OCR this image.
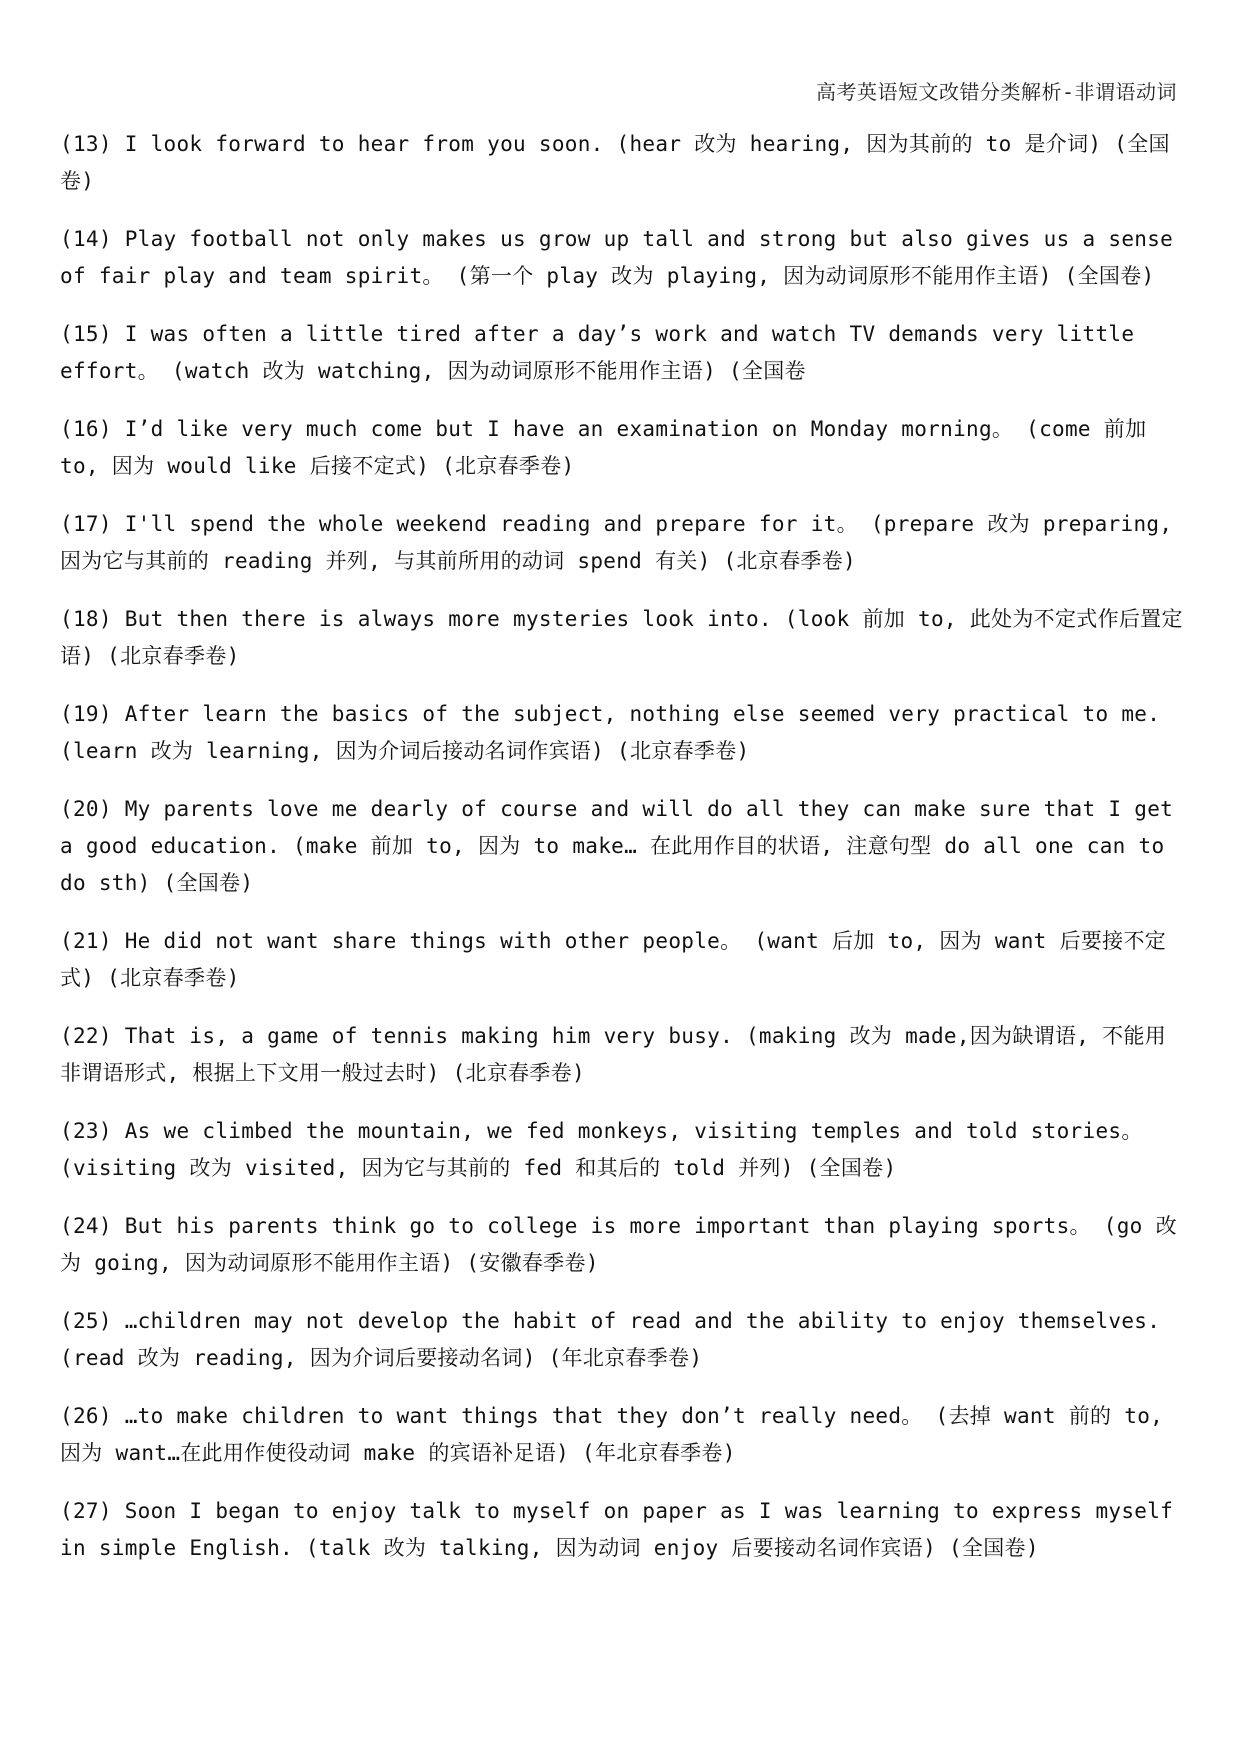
高考英语短文改错分类解析-非谓语动词

(13) I look forward to hear from you soon. (hear 改为 hearing, 因为其前的 to 是介词) (全国卷)

(14) Play football not only makes us grow up tall and strong but also gives us a sense of fair play and team spirit。 (第一个 play 改为 playing, 因为动词原形不能用作主语) (全国卷)

(15) I was often a little tired after a day’s work and watch TV demands very little effort。 (watch 改为 watching, 因为动词原形不能用作主语) (全国卷

(16) I’d like very much come but I have an examination on Monday morning。 (come 前加 to, 因为 would like 后接不定式) (北京春季卷)

(17) I'll spend the whole weekend reading and prepare for it。 (prepare 改为 preparing, 因为它与其前的 reading 并列, 与其前所用的动词 spend 有关) (北京春季卷)

(18) But then there is always more mysteries look into. (look 前加 to, 此处为不定式作后置定语) (北京春季卷)

(19) After learn the basics of the subject, nothing else seemed very practical to me. (learn 改为 learning, 因为介词后接动名词作宾语) (北京春季卷)

(20) My parents love me dearly of course and will do all they can make sure that I get a good education. (make 前加 to, 因为 to make… 在此用作目的状语, 注意句型 do all one can to do sth) (全国卷)

(21) He did not want share things with other people。 (want 后加 to, 因为 want 后要接不定式) (北京春季卷)

(22) That is, a game of tennis making him very busy. (making 改为 made,因为缺谓语, 不能用非谓语形式, 根据上下文用一般过去时) (北京春季卷)

(23) As we climbed the mountain, we fed monkeys, visiting temples and told stories。 (visiting 改为 visited, 因为它与其前的 fed 和其后的 told 并列) (全国卷)

(24) But his parents think go to college is more important than playing sports。 (go 改为 going, 因为动词原形不能用作主语) (安徽春季卷)

(25) …children may not develop the habit of read and the ability to enjoy themselves. (read 改为 reading, 因为介词后要接动名词) (年北京春季卷)

(26) …to make children to want things that they don’t really need。 (去掉 want 前的 to, 因为 want…在此用作使役动词 make 的宾语补足语) (年北京春季卷)

(27) Soon I began to enjoy talk to myself on paper as I was learning to express myself in simple English. (talk 改为 talking, 因为动词 enjoy 后要接动名词作宾语) (全国卷)
